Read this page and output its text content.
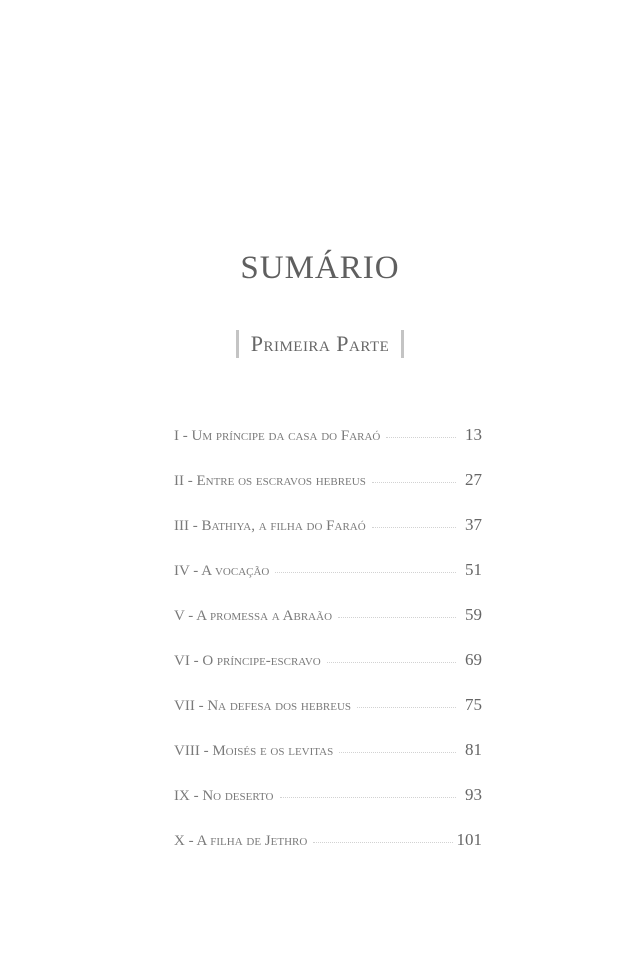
SUMÁRIO
Primeira Parte
I - Um príncipe da casa do Faraó	13
II - Entre os escravos hebreus	27
III - Bathiya, a filha do Faraó	37
IV - A vocação	51
V - A promessa a Abraão	59
VI - O príncipe-escravo	69
VII - Na defesa dos hebreus	75
VIII - Moisés e os levitas	81
IX - No deserto	93
X - A filha de Jethro	101
